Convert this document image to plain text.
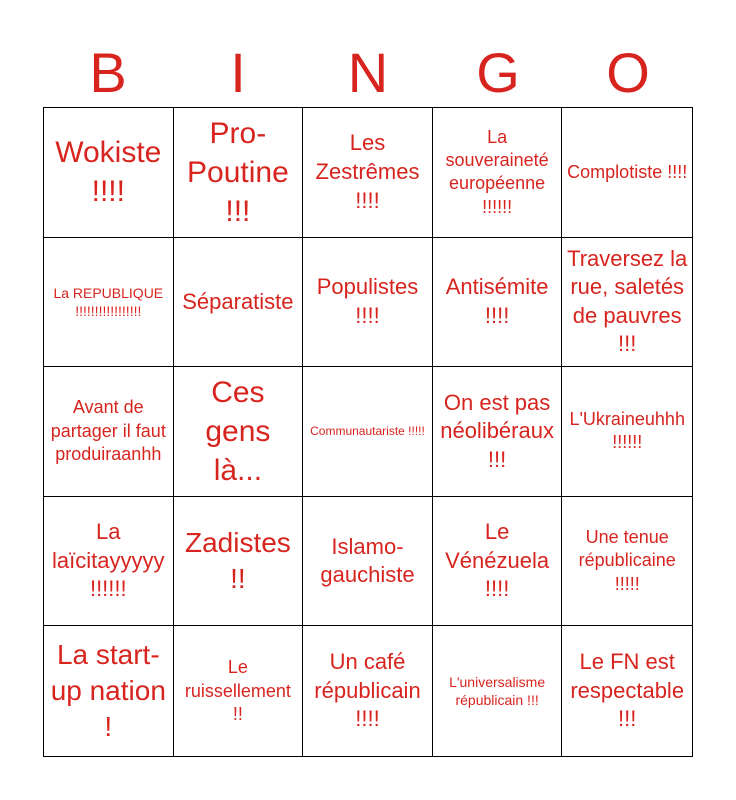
B	I	N	G	O
Wokiste !!!!
Pro-Poutine !!!
Les Zestrêmes !!!!
La souveraineté européenne !!!!!!
Complotiste !!!!
La REPUBLIQUE !!!!!!!!!!!!!!!!!	Séparatiste
Populistes !!!!
Antisémite !!!!
Traversez la rue, saletés de pauvres !!!
Avant de partager il faut produiraanhh
Ces gens là...
Communautariste !!!!!
On est pas néolibéraux !!!
L'Ukraineuhhh !!!!!!
La laïcitayyyyy !!!!!!
Zadistes !!
Islamo-gauchiste
Le Vénézuela !!!!
Une tenue républicaine !!!!!
La start-up nation !
Le ruissellement !!
Un café républicain !!!!
L'universalisme républicain !!!
Le FN est respectable !!!
